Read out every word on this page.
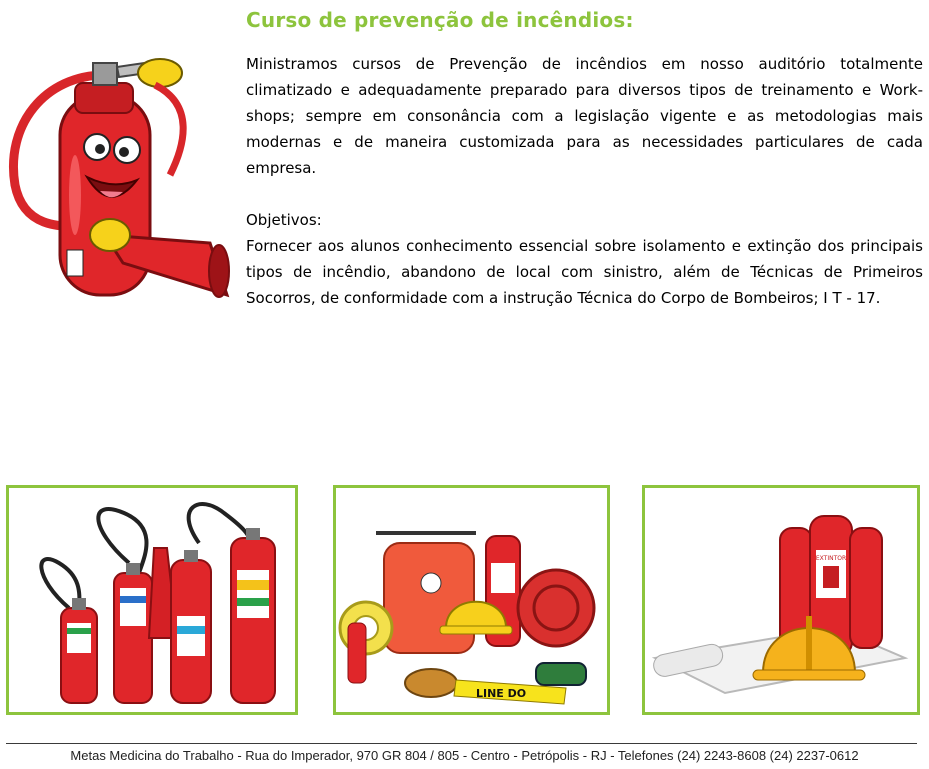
Curso de prevenção de incêndios:

Ministramos cursos de Prevenção de incêndios em nosso auditório totalmente climatizado e adequadamente preparado para diversos tipos de treinamento e Work-shops; sempre em consonância com a legislação vigente e as metodologias mais modernas e de maneira customizada para as necessidades particulares de cada empresa.

Objetivos:

Fornecer aos alunos conhecimento essencial sobre isolamento e extinção dos principais tipos de incêndio, abandono de local com sinistro, além de Técnicas de Primeiros Socorros, de conformidade com a instrução Técnica do Corpo de Bombeiros; I T - 17.

LINE DO
EXTINTOR
Metas Medicina do Trabalho - Rua do Imperador, 970 GR 804 / 805 - Centro - Petrópolis - RJ - Telefones (24) 2243-8608 (24) 2237-0612
